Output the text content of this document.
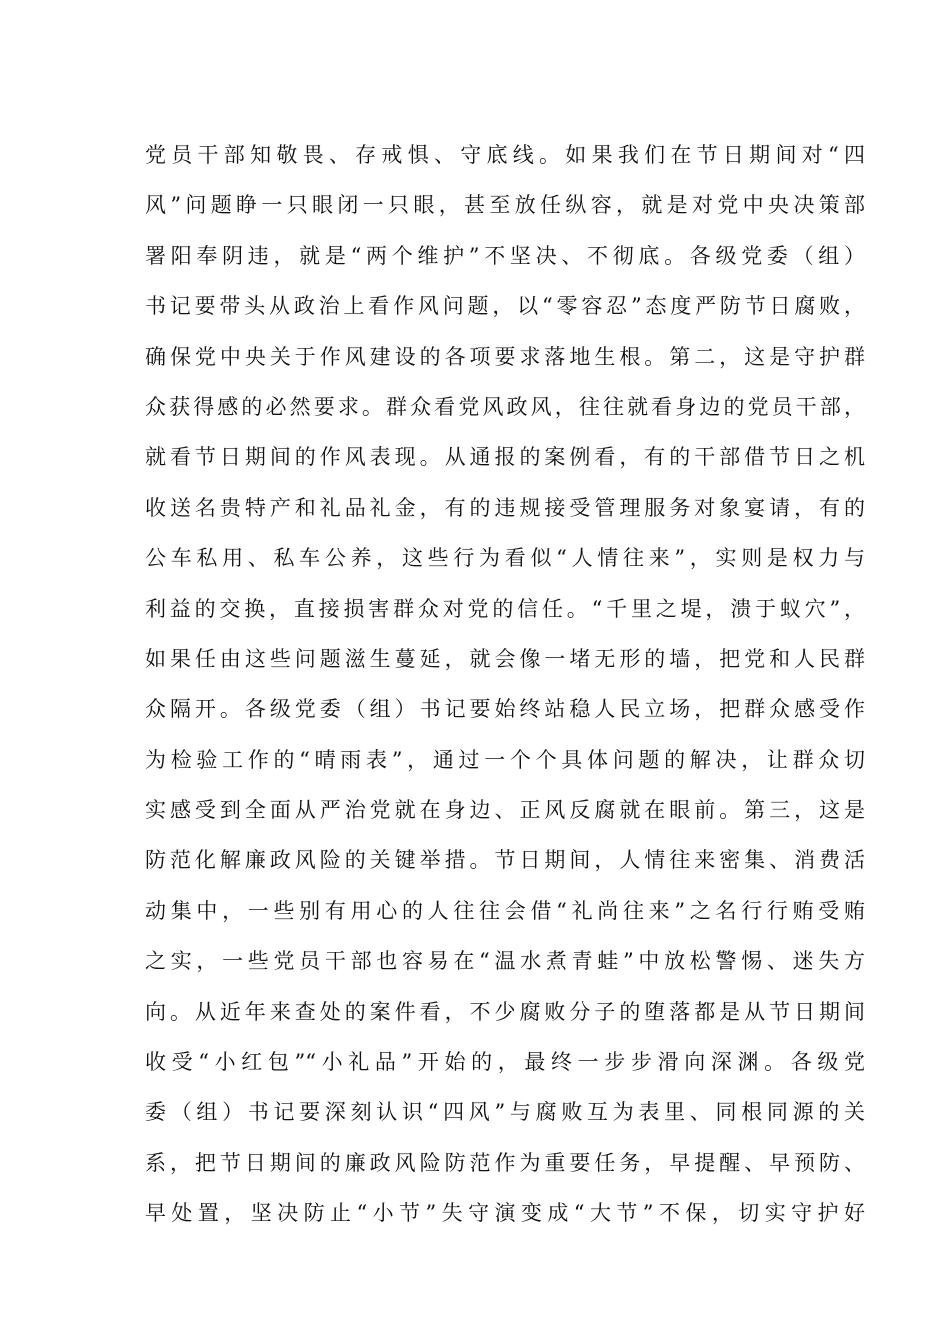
党员干部知敬畏、存戒惧、守底线。如果我们在节日期间对“四
风”问题睁一只眼闭一只眼，甚至放任纵容，就是对党中央决策部
署阳奉阴违，就是“两个维护”不坚决、不彻底。各级党委（组）
书记要带头从政治上看作风问题，以“零容忍”态度严防节日腐败，
确保党中央关于作风建设的各项要求落地生根。第二，这是守护群
众获得感的必然要求。群众看党风政风，往往就看身边的党员干部，
就看节日期间的作风表现。从通报的案例看，有的干部借节日之机
收送名贵特产和礼品礼金，有的违规接受管理服务对象宴请，有的
公车私用、私车公养，这些行为看似“人情往来”，实则是权力与
利益的交换，直接损害群众对党的信任。“千里之堤，溃于蚁穴”，
如果任由这些问题滋生蔓延，就会像一堵无形的墙，把党和人民群
众隔开。各级党委（组）书记要始终站稳人民立场，把群众感受作
为检验工作的“晴雨表”，通过一个个具体问题的解决，让群众切
实感受到全面从严治党就在身边、正风反腐就在眼前。第三，这是
防范化解廉政风险的关键举措。节日期间，人情往来密集、消费活
动集中，一些别有用心的人往往会借“礼尚往来”之名行行贿受贿
之实，一些党员干部也容易在“温水煮青蛙”中放松警惕、迷失方
向。从近年来查处的案件看，不少腐败分子的堕落都是从节日期间
收受“小红包”“小礼品”开始的，最终一步步滑向深渊。各级党
委（组）书记要深刻认识“四风”与腐败互为表里、同根同源的关
系，把节日期间的廉政风险防范作为重要任务，早提醒、早预防、
早处置，坚决防止“小节”失守演变成“大节”不保，切实守护好
